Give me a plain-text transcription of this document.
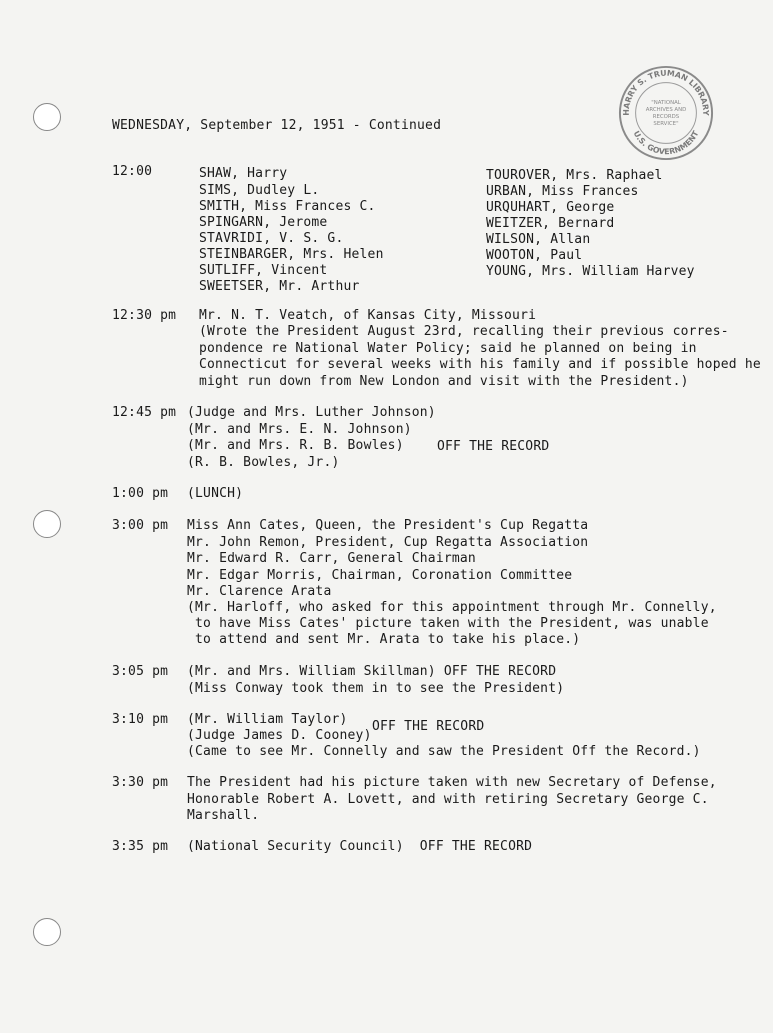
HARRY S. TRUMAN LIBRARY
U.S. GOVERNMENT
"NATIONAL
ARCHIVES AND
RECORDS
SERVICE"
WEDNESDAY, September 12, 1951 - Continued
12:00	SHAW, Harry
SIMS, Dudley L.
SMITH, Miss Frances C.
SPINGARN, Jerome
STAVRIDI, V. S. G.
STEINBARGER, Mrs. Helen
SUTLIFF, Vincent
SWEETSER, Mr. Arthur
TOUROVER, Mrs. Raphael
URBAN, Miss Frances
URQUHART, George
WEITZER, Bernard
WILSON, Allan
WOOTON, Paul
YOUNG, Mrs. William Harvey
12:30 pm Mr. N. T. Veatch, of Kansas City, Missouri
(Wrote the President August 23rd, recalling their previous corres-
pondence re National Water Policy; said he planned on being in
Connecticut for several weeks with his family and if possible hoped he
might run down from New London and visit with the President.)
12:45 pm (Judge and Mrs. Luther Johnson)
(Mr. and Mrs. E. N. Johnson)
(Mr. and Mrs. R. B. Bowles)
(R. B. Bowles, Jr.)
OFF THE RECORD
1:00 pm (LUNCH)
3:00 pm Miss Ann Cates, Queen, the President's Cup Regatta
Mr. John Remon, President, Cup Regatta Association
Mr. Edward R. Carr, General Chairman
Mr. Edgar Morris, Chairman, Coronation Committee
Mr. Clarence Arata
(Mr. Harloff, who asked for this appointment through Mr. Connelly,
to have Miss Cates' picture taken with the President, was unable
to attend and sent Mr. Arata to take his place.)
3:05 pm (Mr. and Mrs. William Skillman) OFF THE RECORD
(Miss Conway took them in to see the President)
3:10 pm (Mr. William Taylor)
(Judge James D. Cooney)
(Came to see Mr. Connelly and saw the President Off the Record.)
OFF THE RECORD
3:30 pm The President had his picture taken with new Secretary of Defense,
Honorable Robert A. Lovett, and with retiring Secretary George C.
Marshall.
3:35 pm (National Security Council)  OFF THE RECORD
